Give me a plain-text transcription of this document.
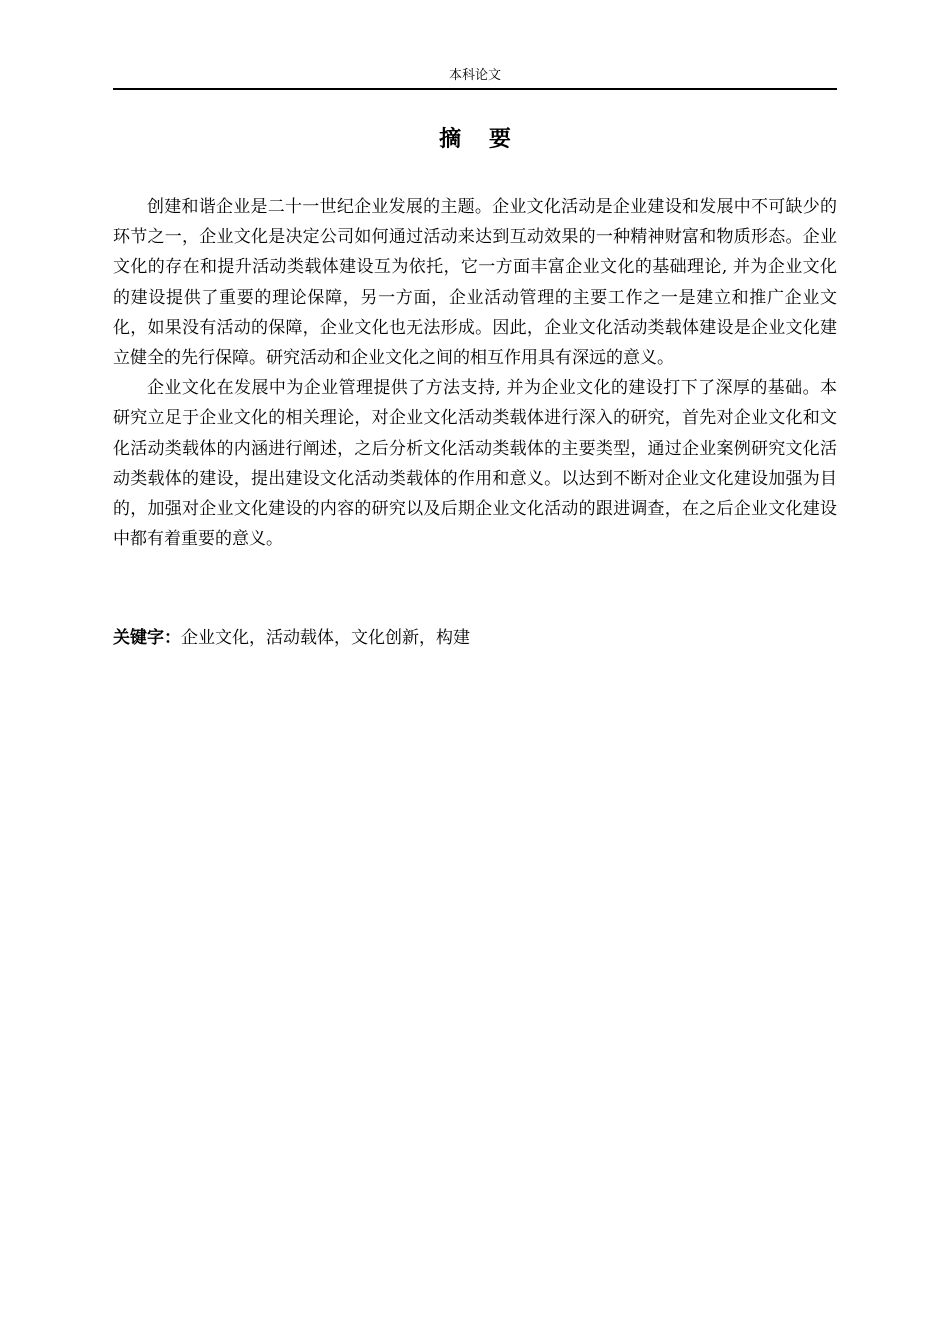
本科论文
摘 要

创建和谐企业是二十一世纪企业发展的主题。企业文化活动是企业建设和发展中不可缺少的环节之一，企业文化是决定公司如何通过活动来达到互动效果的一种精神财富和物质形态。企业文化的存在和提升活动类载体建设互为依托，它一方面丰富企业文化的基础理论, 并为企业文化的建设提供了重要的理论保障，另一方面，企业活动管理的主要工作之一是建立和推广企业文化，如果没有活动的保障，企业文化也无法形成。因此，企业文化活动类载体建设是企业文化建立健全的先行保障。研究活动和企业文化之间的相互作用具有深远的意义。

企业文化在发展中为企业管理提供了方法支持, 并为企业文化的建设打下了深厚的基础。本研究立足于企业文化的相关理论，对企业文化活动类载体进行深入的研究，首先对企业文化和文化活动类载体的内涵进行阐述，之后分析文化活动类载体的主要类型，通过企业案例研究文化活动类载体的建设，提出建设文化活动类载体的作用和意义。以达到不断对企业文化建设加强为目的，加强对企业文化建设的内容的研究以及后期企业文化活动的跟进调查，在之后企业文化建设中都有着重要的意义。

关键字：企业文化，活动载体，文化创新，构建
